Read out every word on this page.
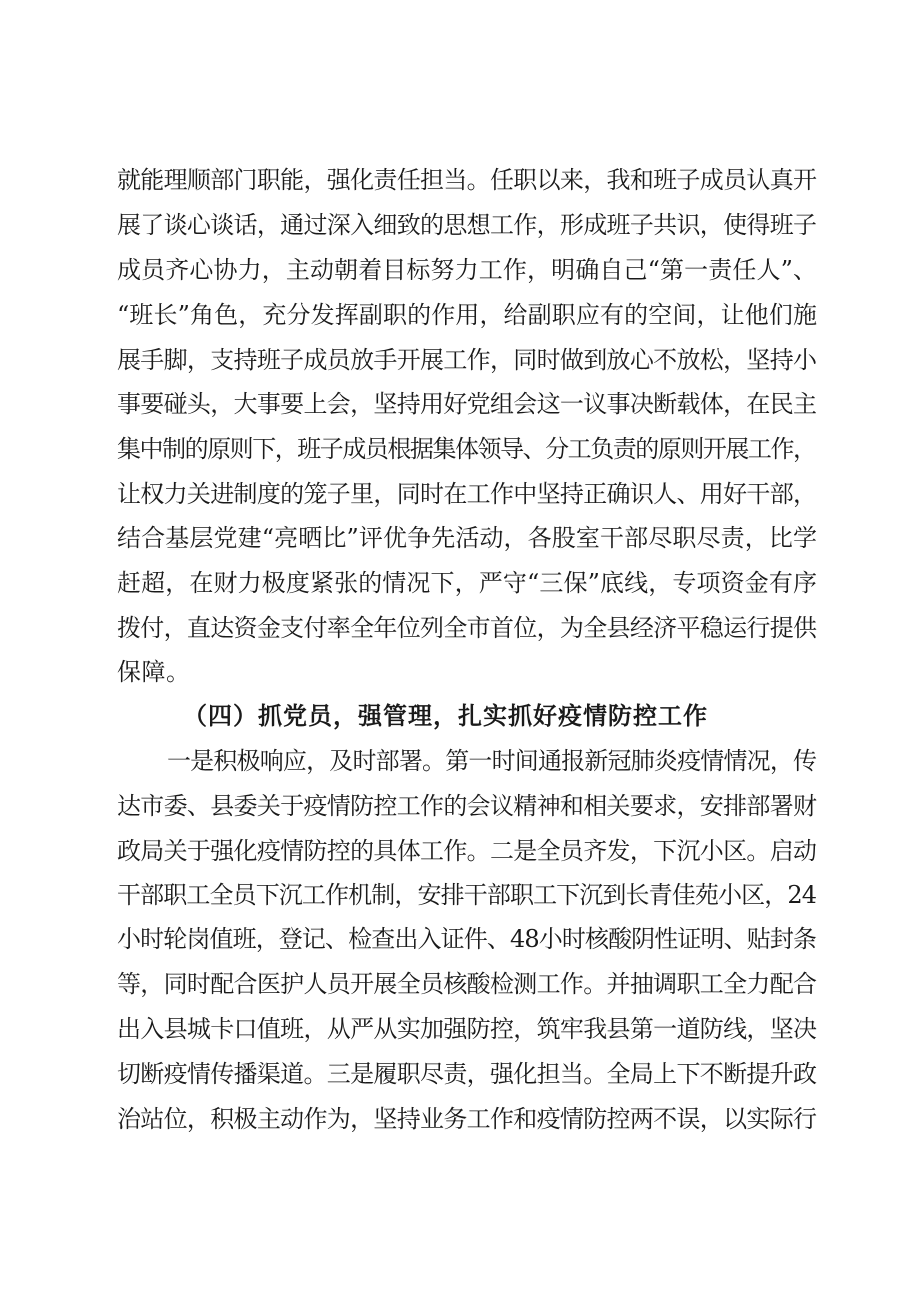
就能理顺部门职能，强化责任担当。任职以来，我和班子成员认真开
展了谈心谈话，通过深入细致的思想工作，形成班子共识，使得班子
成员齐心协力，主动朝着目标努力工作，明确自己“第一责任人”、
“班长”角色，充分发挥副职的作用，给副职应有的空间，让他们施
展手脚，支持班子成员放手开展工作，同时做到放心不放松，坚持小
事要碰头，大事要上会，坚持用好党组会这一议事决断载体，在民主
集中制的原则下，班子成员根据集体领导、分工负责的原则开展工作，
让权力关进制度的笼子里，同时在工作中坚持正确识人、用好干部，
结合基层党建“亮晒比”评优争先活动，各股室干部尽职尽责，比学
赶超，在财力极度紧张的情况下，严守“三保”底线，专项资金有序
拨付，直达资金支付率全年位列全市首位，为全县经济平稳运行提供
保障。
（四）抓党员，强管理，扎实抓好疫情防控工作
一是积极响应，及时部署。第一时间通报新冠肺炎疫情情况，传
达市委、县委关于疫情防控工作的会议精神和相关要求，安排部署财
政局关于强化疫情防控的具体工作。二是全员齐发，下沉小区。启动
干部职工全员下沉工作机制，安排干部职工下沉到长青佳苑小区，24
小时轮岗值班，登记、检查出入证件、48小时核酸阴性证明、贴封条
等，同时配合医护人员开展全员核酸检测工作。并抽调职工全力配合
出入县城卡口值班，从严从实加强防控，筑牢我县第一道防线，坚决
切断疫情传播渠道。三是履职尽责，强化担当。全局上下不断提升政
治站位，积极主动作为，坚持业务工作和疫情防控两不误，以实际行
